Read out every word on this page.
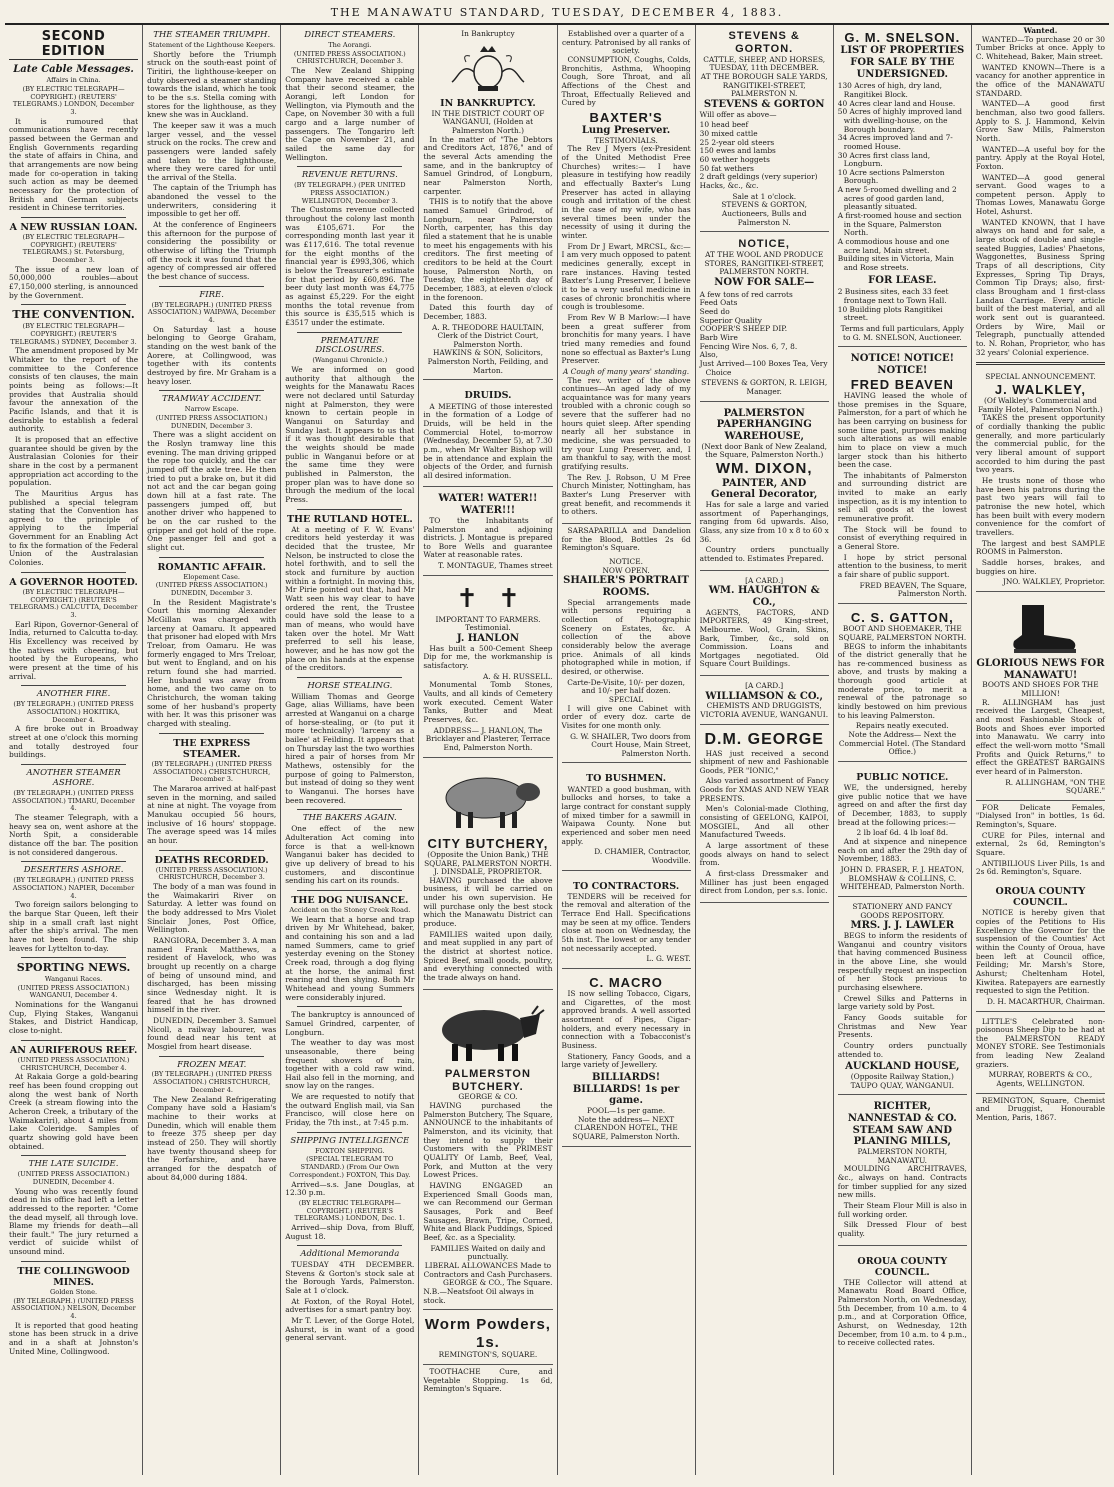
THE MANAWATU STANDARD, TUESDAY, DECEMBER 4, 1883.
SECOND EDITION
Late Cable Messages.
Affairs in China.
(BY ELECTRIC TELEGRAPH—COPYRIGHT.) (REUTERS' TELEGRAMS.) LONDON, December 3.

It is rumoured that communications have recently passed between the German and English Governments regarding the state of affairs in China, and that arrangements are now being made for co-operation in taking such action as may be deemed necessary for the protection of British and German subjects resident in Chinese territories.

A NEW RUSSIAN LOAN.
(BY ELECTRIC TELEGRAPH—COPYRIGHT.) (REUTERS' TELEGRAMS.) St. Petersburg, December 3.

The issue of a new loan of 50,000,000 roubles—about £7,150,000 sterling, is announced by the Government.

THE CONVENTION.
(BY ELECTRIC TELEGRAPH—COPYRIGHT.) (REUTER'S TELEGRAMS.) SYDNEY, December 3.

The amendment proposed by Mr Whitaker to the report of the committee to the Conference consists of ten clauses, the main points being as follows:—It provides that Australia should favour the annexation of the Pacific Islands, and that it is desirable to establish a federal authority.

It is proposed that an effective guarantee should be given by the Australasian Colonies for their share in the cost by a permanent appropriation act according to the population.

The Mauritius Argus has published a special telegram stating that the Convention has agreed to the principle of applying to the Imperial Government for an Enabling Act to fix the formation of the Federal Union of the Australasian Colonies.

A GOVERNOR HOOTED.
(BY ELECTRIC TELEGRAPH—COPYRIGHT.) (REUTER'S TELEGRAMS.) CALCUTTA, December 3.

Earl Ripon, Governor-General of India, returned to Calcutta to-day. His Excellency was received by the natives with cheering, but hooted by the Europeans, who were present at the time of his arrival.

ANOTHER FIRE.
(BY TELEGRAPH.) (UNITED PRESS ASSOCIATION.) HOKITIKA, December 4.

A fire broke out in Broadway street at one o'clock this morning and totally destroyed four buildings.

ANOTHER STEAMER ASHORE.
(BY TELEGRAPH.) (UNITED PRESS ASSOCIATION.) TIMARU, December 4.

The steamer Telegraph, with a heavy sea on, went ashore at the North Spit, a considerable distance off the bar. The position is not considered dangerous.

DESERTERS ASHORE.
(BY TELEGRAPH.) (UNITED PRESS ASSOCIATION.) NAPIER, December 4.

Two foreign sailors belonging to the barque Star Queen, left their ship in a small craft last night after the ship's arrival. The men have not been found. The ship leaves for Lyttelton to-day.

SPORTING NEWS.
Wanganui Races.
(UNITED PRESS ASSOCIATION.) WANGANUI, December 4.

Nominations for the Wanganui Cup, Flying Stakes, Wanganui Stakes, and District Handicap, close to-night.

AN AURIFEROUS REEF.
(UNITED PRESS ASSOCIATION.) CHRISTCHURCH, December 4.

At Rakaia Gorge a gold-bearing reef has been found cropping out along the west bank of North Creek (a stream flowing into the Acheron Creek, a tributary of the Waimakariri), about 4 miles from Lake Coleridge. Samples of quartz showing gold have been obtained.

THE LATE SUICIDE.
(UNITED PRESS ASSOCIATION.) DUNEDIN, December 4.

Young who was recently found dead in his office had left a letter addressed to the reporter. "Come the dead myself, all through love. Blame my friends for death—all their fault." The jury returned a verdict of suicide whilst of unsound mind.

THE COLLINGWOOD MINES.
Golden Stone.
(BY TELEGRAPH.) (UNITED PRESS ASSOCIATION.) NELSON, December 4.

It is reported that good heating stone has been struck in a drive and in a shaft at Johnston's United Mine, Collingwood.

THE STEAMER TRIUMPH.
Statement of the Lighthouse Keepers.

Shortly before the Triumph struck on the south-east point of Tiritiri, the lighthouse-keeper on duty observed a steamer standing towards the island, which he took to be the s.s. Stella coming with stores for the lighthouse, as they knew she was in Auckland.

The keeper saw it was a much larger vessel, and the vessel struck on the rocks. The crew and passengers were landed safely and taken to the lighthouse, where they were cared for until the arrival of the Stella.

The captain of the Triumph has abandoned the vessel to the underwriters, considering it impossible to get her off.

At the conference of Engineers this afternoon for the purpose of considering the possibility or otherwise of lifting the Triumph off the rock it was found that the agency of compressed air offered the best chance of success.

FIRE.
(BY TELEGRAPH.) (UNITED PRESS ASSOCIATION.) WAIPAWA, December 4.

On Saturday last a house belonging to George Graham, standing on the west bank of the Aorere, at Collingwood, was together with its contents destroyed by fire. Mr Graham is a heavy loser.

TRAMWAY ACCIDENT.
Narrow Escape.
(UNITED PRESS ASSOCIATION.) DUNEDIN, December 3.

There was a slight accident on the Roslyn tramway line this evening. The man driving gripped the rope too quickly, and the car jumped off the axle tree. He then tried to put a brake on, but it did not act and the car began going down hill at a fast rate. The passengers jumped off, but another driver who happened to be on the car rushed to the gripper and got hold of the rope. One passenger fell and got a slight cut.

ROMANTIC AFFAIR.
Elopement Case.
(UNITED PRESS ASSOCIATION.) DUNEDIN, December 3.

In the Resident Magistrate's Court this morning Alexander McGillan was charged with larceny at Oamaru. It appeared that prisoner had eloped with Mrs Treloar, from Oamaru. He was formerly engaged to Mrs Treloar, but went to England, and on his return found she had married. Her husband was away from home, and the two came on to Christchurch, the woman taking some of her husband's property with her. It was this prisoner was charged with stealing.

THE EXPRESS STEAMER.
(BY TELEGRAPH.) (UNITED PRESS ASSOCIATION.) CHRISTCHURCH, December 3.

The Mararoa arrived at half-past seven in the morning, and sailed at nine at night. The voyage from Manukau occupied 56 hours, inclusive of 16 hours' stoppage. The average speed was 14 miles an hour.

DEATHS RECORDED.
(UNITED PRESS ASSOCIATION.) CHRISTCHURCH, December 3.

The body of a man was found in the Waimakariri River on Saturday. A letter was found on the body addressed to Mrs Violet Sinclair Jones, Post Office, Wellington.

RANGIORA, December 3. A man named Frank Matthews, a resident of Havelock, who was brought up recently on a charge of being of unsound mind, and discharged, has been missing since Wednesday night. It is feared that he has drowned himself in the river.

DUNEDIN, December 3. Samuel Nicoll, a railway labourer, was found dead near his tent at Mosgiel from heart disease.

FROZEN MEAT.
(BY TELEGRAPH.) (UNITED PRESS ASSOCIATION.) CHRISTCHURCH, December 4.

The New Zealand Refrigerating Company have sold a Hasiam's machine to their works at Dunedin, which will enable them to freeze 375 sheep per day instead of 250. They will shortly have twenty thousand sheep for the Forfarshire, and have arranged for the despatch of about 84,000 during 1884.

DIRECT STEAMERS.
The Aorangi.
(UNITED PRESS ASSOCIATION.) CHRISTCHURCH, December 3.

The New Zealand Shipping Company have received a cable that their second steamer, the Aorangi, left London for Wellington, via Plymouth and the Cape, on November 30 with a full cargo and a large number of passengers. The Tongariro left the Cape on November 21, and sailed the same day for Wellington.

REVENUE RETURNS.
(BY TELEGRAPH.) (PER UNITED PRESS ASSOCIATION.) WELLINGTON, December 3.

The Customs revenue collected throughout the colony last month was £105,671. For the corresponding month last year it was £117,616. The total revenue for the eight months of the financial year is £993,306, which is below the Treasurer's estimate for that period by £60,896. The beer duty last month was £4,775 as against £5,229. For the eight months the total revenue from this source is £35,515 which is £3517 under the estimate.

PREMATURE DISCLOSURES.
(Wanganui Chronicle.)

We are informed on good authority that although the weights for the Manawatu Races were not declared until Saturday night at Palmerston, they were known to certain people in Wanganui on Saturday and Sunday last. It appears to us that if it was thought desirable that the weights should be made public in Wanganui before or at the same time they were published in Palmerston, the proper plan was to have done so through the medium of the local Press.

THE RUTLAND HOTEL.

At a meeting of F. W. Evans' creditors held yesterday it was decided that the trustee, Mr Nelson, be instructed to close the hotel forthwith, and to sell the stock and furniture by auction within a fortnight. In moving this, Mr Pirie pointed out that, had Mr Watt seen his way clear to have ordered the rent, the Trustee could have sold the lease to a man of means, who would have taken over the hotel. Mr Watt preferred to sell his lease, however, and he has now got the place on his hands at the expense of the creditors.

HORSE STEALING.

William Thomas and George Gage, alias Williams, have been arrested at Wanganui on a charge of horse-stealing, or (to put it more technically) 'larceny as a bailee' at Feilding. It appears that on Thursday last the two worthies hired a pair of horses from Mr Mathews, ostensibly for the purpose of going to Palmerston, but instead of doing so they went to Wanganui. The horses have been recovered.

THE BAKERS AGAIN.

One effect of the new Adulteration Act coming into force is that a well-known Wanganui baker has decided to give up delivery of bread to his customers, and discontinue sending his cart on its rounds.

THE DOG NUISANCE.
Accident on the Stoney Creek Road.

We learn that a horse and trap driven by Mr Whitehead, baker, and containing his son and a lad named Summers, came to grief yesterday evening on the Stoney Creek road, through a dog flying at the horse, the animal first rearing and then shying. Both Mr Whitehead and young Summers were considerably injured.

The bankruptcy is announced of Samuel Grindred, carpenter, of Longburn.

The weather to day was most unseasonable, there being frequent showers of rain, together with a cold raw wind. Hail also fell in the morning, and snow lay on the ranges.

We are requested to notify that the outward English mail, via San Francisco, will close here on Friday, the 7th inst., at 7:45 p.m.

SHIPPING INTELLIGENCE
FOXTON SHIPPING.
(SPECIAL TELEGRAM TO STANDARD.) (From Our Own Correspondent.) FOXTON, This Day.

Arrived—s.s. Jane Douglas, at 12.30 p.m.

(BY ELECTRIC TELEGRAPH—COPYRIGHT.) (REUTER'S TELEGRAMS.) LONDON, Dec. 1.

Arrived—ship Dova, from Bluff, August 18.

Additional Memoranda

TUESDAY 4TH DECEMBER. Stevens & Gorton's stock sale at the Borough Yards, Palmerston. Sale at 1 o'clock.

At Foxton, of the Royal Hotel, advertises for a smart pantry boy.

Mr T. Lever, of the Gorge Hotel, Ashurst, is in want of a good general servant.

In Bankruptcy
IN BANKRUPTCY.
IN THE DISTRICT COURT OF WANGANUI, (Holden at Palmerston North.)

In the matter of "The Debtors and Creditors Act, 1876," and of the several Acts amending the same, and in the bankruptcy of Samuel Grindrod, of Longburn, near Palmerston North, carpenter.

THIS is to notify that the above named Samuel Grindrod, of Longburn, near Palmerston North, carpenter, has this day filed a statement that he is unable to meet his engagements with his creditors. The first meeting of creditors to be held at the Court house, Palmerston North, on Tuesday, the eighteenth day of December, 1883, at eleven o'clock in the forenoon.

Dated this fourth day of December, 1883.

A. R. THEODORE HAULTAIN, Clerk of the District Court, Palmerston North.
HAWKINS & SON, Solicitors, Palmerston North, Feilding, and Marton.
DRUIDS.

A MEETING of those interested in the formation of a Lodge of Druids, will be held in the Commercial Hotel, to-morrow (Wednesday, December 5), at 7.30 p.m., when Mr Walter Bishop will be in attendance and explain the objects of the Order, and furnish all desired information.

WATER! WATER!! WATER!!!

TO the Inhabitants of Palmerston and adjoining districts. J. Montague is prepared to Bore Wells and guarantee Water at reasonable rates.

T. MONTAGUE, Thames street
✝ ✝
IMPORTANT TO FARMERS.
Testimonial.
J. HANLON

Has built a 500-Cement Sheep Dip for me, the workmanship is satisfactory.

A. & H. RUSSELL.

Monumental Tomb Stones, Vaults, and all kinds of Cemetery work executed. Cement Water Tanks, Butter and Meat Preserves, &c.

ADDRESS— J. HANLON, The Bricklayer and Plasterer, Terrace End, Palmerston North.
CITY BUTCHERY,
(Opposite the Union Bank,) THE SQUARE, PALMERSTON NORTH.
J. DINSDALE, PROPRIETOR.

HAVING purchased the above business, it will be carried on under his own supervision. He will purchase only the best stock which the Manawatu District can produce.

FAMILIES waited upon daily, and meat supplied in any part of the district at shortest notice. Spiced Beef, small goods, poultry, and everything connected with the trade always on hand.

PALMERSTON BUTCHERY.
GEORGE & CO.

HAVING purchased the Palmerston Butchery, The Square, ANNOUNCE to the inhabitants of Palmerston, and its vicinity, that they intend to supply their Customers with the PRIMEST QUALITY Of Lamb, Beef, Veal, Pork, and Mutton at the very Lowest Prices.

HAVING ENGAGED an Experienced Small Goods man, we can Recommend our German Sausages, Pork and Beef Sausages, Brawn, Tripe, Corned, White and Black Puddings, Spiced Beef, &c. as a Speciality.

FAMILIES Waited on daily and punctually.
LIBERAL ALLOWANCES Made to Contractors and Cash Purchasers.
GEORGE & CO., The Square.
N.B.—Neatsfoot Oil always in stock.
Worm Powders, 1s.
REMINGTON'S, SQUARE.

TOOTHACHE Cure, and Vegetable Stopping. 1s 6d, Remington's Square.

Established over a quarter of a century. Patronised by all ranks of society.

CONSUMPTION, Coughs, Colds, Bronchitis, Asthma, Whooping Cough, Sore Throat, and all Affections of the Chest and Throat, Effectually Relieved and Cured by

BAXTER'S
Lung Preserver.
TESTIMONIALS.

The Rev J Myers (ex-President of the United Methodist Free Churches) writes:— I have pleasure in testifying how readily and effectually Baxter's Lung Preserver has acted in allaying cough and irritation of the chest in the case of my wife, who has several times been under the necessity of using it during the winter.

From Dr J Ewart, MRCSL, &c:—I am very much opposed to patent medicines generally, except in rare instances. Having tested Baxter's Lung Preserver, I believe it to be a very useful medicine in cases of chronic bronchitis where cough is troublesome.

From Rev W B Marlow:—I have been a great sufferer from bronchitis for many years. I have tried many remedies and found none so effectual as Baxter's Lung Preserver.

A Cough of many years' standing.

The rev. writer of the above continues—An aged lady of my acquaintance was for many years troubled with a chronic cough so severe that the sufferer had no hours quiet sleep. After spending nearly all her substance in medicine, she was persuaded to try your Lung Preserver, and, I am thankful to say, with the most gratifying results.

The Rev. J. Robson, U M Free Church Minister, Nottingham, has Baxter's Lung Preserver with great benefit, and recommends it to others.

SARSAPARILLA and Dandelion for the Blood, Bottles 2s 6d Remington's Square.

NOTICE.
NOW OPEN.
SHAILER'S PORTRAIT ROOMS.

Special arrangements made with persons requiring a collection of Photographic Scenery on Estates, &c. A collection of the above considerably below the average price. Animals of all kinds photographed while in motion, if desired, or otherwise.

Carte-De-Visite, 10/- per dozen, and 10/- per half dozen.
SPECIAL

I will give one Cabinet with order of every doz. carte de Visites for one month only.

G. W. SHAILER, Two doors from Court House, Main Street, Palmerston North.
TO BUSHMEN.

WANTED a good bushman, with bullocks and horses, to take a large contract for constant supply of mixed timber for a sawmill in Waipawa County. None but experienced and sober men need apply.

D. CHAMIER, Contractor, Woodville.
TO CONTRACTORS.

TENDERS will be received for the removal and alteration of the Terrace End Hall. Specifications may be seen at my office. Tenders close at noon on Wednesday, the 5th inst. The lowest or any tender not necessarily accepted.

L. G. WEST.
C. MACRO

IS now selling Tobacco, Cigars, and Cigarettes, of the most approved brands. A well assorted assortment of Pipes, Cigar-holders, and every necessary in connection with a Tobacconist's Business.

Stationery, Fancy Goods, and a large variety of Jewellery.

BILLIARDS! BILLIARDS! 1s per game.
POOL—1s per game.
Note the address— NEXT CLARENDON HOTEL, THE SQUARE, Palmerston North.
STEVENS & GORTON.
CATTLE, SHEEP, AND HORSES, TUESDAY, 11th DECEMBER.
AT THE BOROUGH SALE YARDS, RANGITIKEI-STREET, PALMERSTON N.
STEVENS & GORTON
Will offer as above—
10 head beef
30 mixed cattle
25 2-year old steers
150 ewes and lambs
60 wether hoggets
50 fat wethers
2 draft geldings (very superior)
Hacks, &c., &c.
Sale at 1 o'clock.
STEVENS & GORTON, Auctioneers, Bulls and Palmerston N.
NOTICE,
AT THE WOOL AND PRODUCE STORES, RANGITIKEI-STREET, PALMERSTON NORTH.
NOW FOR SALE—
A few tons of red carrots
Feed Oats
Seed do
Superior Quality
COOPER'S SHEEP DIP.
Barb Wire
Fencing Wire Nos. 6, 7, 8.
Also,
Just Arrived—100 Boxes Tea, Very Choice
STEVENS & GORTON, R. LEIGH, Manager.
PALMERSTON PAPERHANGING WAREHOUSE,
(Next door Bank of New Zealand, the Square, Palmerston North.)
WM. DIXON,
PAINTER, AND General Decorator,

Has for sale a large and varied assortment of Paperhangings, ranging from 6d upwards. Also, Glass, any size from 10 x 8 to 60 x 36.

Country orders punctually attended to. Estimates Prepared.

[A CARD.]
WM. HAUGHTON & CO.,

AGENTS, FACTORS, AND IMPORTERS, 49 King-street, Melbourne. Wool, Grain, Skins, Bark, Timber, &c., sold on Commission. Loans and Mortgages negotiated. Old Square Court Buildings.

[A CARD.]
WILLIAMSON & CO.,
CHEMISTS AND DRUGGISTS, VICTORIA AVENUE, WANGANUI.
D.M. GEORGE

HAS just received a second shipment of new and Fashionable Goods, PER "IONIC,"

Also varied assortment of Fancy Goods for XMAS AND NEW YEAR PRESENTS.

Men's Colonial-made Clothing, consisting of GEELONG, KAIPOI, MOSGIEL, And all other Manufactured Tweeds.

A large assortment of these goods always on hand to select from.

A first-class Dressmaker and Milliner has just been engaged direct from London, per s.s. Ionic.

G. M. SNELSON.
LIST OF PROPERTIES FOR SALE BY THE UNDERSIGNED.
130 Acres of high, dry land, Rangitikei Block.
40 Acres clear land and House.
50 Acres of highly improved land with dwelling-house, on the Borough boundary.
34 Acres improved land and 7-roomed House.
30 Acres first class land, Longburn.
10 Acre sections Palmerston Borough.
A new 5-roomed dwelling and 2 acres of good garden land, pleasantly situated.
A first-roomed house and section in the Square, Palmerston North.
A commodious house and one acre land, Main street.
Building sites in Victoria, Main and Rose streets.
FOR LEASE.
2 Business sites, each 33 feet frontage next to Town Hall.
10 Building plots Rangitikei street.
Terms and full particulars, Apply to G. M. SNELSON, Auctioneer.
NOTICE! NOTICE! NOTICE!
FRED BEAVEN

HAVING leased the whole of those premises in the Square, Palmerston, for a part of which he has been carrying on business for some time past, purposes making such alterations as will enable him to place on view a much larger stock than his hitherto been the case.

The inhabitants of Palmerston and surrounding district are invited to make an early inspection, as it is my intention to sell all goods at the lowest remunerative profit.

The Stock will be found to consist of everything required in a General Store.

I hope by strict personal attention to the business, to merit a fair share of public support.

FRED BEAVEN, The Square, Palmerston North.
C. S. GATTON,
BOOT AND SHOEMAKER, THE SQUARE, PALMERSTON NORTH.

BEGS to inform the inhabitants of the district generally that he has re-commenced business as above, and trusts by making a thorough good article at moderate price, to merit a renewal of the patronage so kindly bestowed on him previous to his leaving Palmerston.

Repairs neatly executed.
Note the Address— Next the Commercial Hotel. (The Standard Office.)
PUBLIC NOTICE.

WE, the undersigned, hereby give public notice that we have agreed on and after the first day of December, 1883, to supply bread at the following prices:—

2 lb loaf 6d. 4 lb loaf 8d.

And at sixpence and ninepence each on and after the 29th day of November, 1883.

JOHN D. FRASER, F. J. HEATON, BLOMSHAW & COLLINS, C. WHITEHEAD, Palmerston North.
STATIONERY AND FANCY GOODS REPOSITORY.
MRS. J. J. LAWLER

BEGS to inform the residents of Wanganui and country visitors that having commenced Business in the above Line, she would respectfully request an inspection of her Stock previous to purchasing elsewhere.

Crewel Silks and Patterns in large variety sold by Post.

Fancy Goods suitable for Christmas and New Year Presents.

Country orders punctually attended to.

AUCKLAND HOUSE,
(Opposite Railway Station,) TAUPO QUAY, WANGANUI.
RICHTER, NANNESTAD & CO.
STEAM SAW AND PLANING MILLS,
PALMERSTON NORTH, MANAWATU.

MOULDING ARCHITRAVES, &c., always on hand. Contracts for timber supplied for any sized new mills.

Their Steam Flour Mill is also in full working order.

Silk Dressed Flour of best quality.

OROUA COUNTY COUNCIL.

THE Collector will attend at Manawatu Road Board Office, Palmerston North, on Wednesday, 5th December, from 10 a.m. to 4 p.m., and at Corporation Office, Ashurst, on Wednesday, 12th December, from 10 a.m. to 4 p.m., to receive collected rates.

Wanted.

WANTED—To purchase 20 or 30 Tumber Bricks at once. Apply to C. Whitehead, Baker, Main street.

WANTED KNOWN—There is a vacancy for another apprentice in the office of the MANAWATU STANDARD.

WANTED—A good first benchman, also two good fallers. Apply to S. J. Hammond, Kelvin Grove Saw Mills, Palmerston North.

WANTED—A useful boy for the pantry. Apply at the Royal Hotel, Foxton.

WANTED—A good general servant. Good wages to a competent person. Apply to Thomas Lowes, Manawatu Gorge Hotel, Ashurst.

WANTED KNOWN, that I have always on hand and for sale, a large stock of double and single-seated Buggies, Ladies' Phaetons, Waggonettes, Business Spring Traps of all descriptions, City Expresses, Spring Tip Drays, Common Tip Drays; also, first-class Brougham and 1 first-class Landau Carriage. Every article built of the best material, and all work sent out is guaranteed. Orders by Wire, Mail or Telegraph, punctually attended to. N. Rohan, Proprietor, who has 32 years' Colonial experience.

SPECIAL ANNOUNCEMENT.
J. WALKLEY,
(Of Walkley's Commercial and Family Hotel, Palmerston North.)

TAKES the present opportunity of cordially thanking the public generally, and more particularly the commercial public, for the very liberal amount of support accorded to him during the past two years.

He trusts none of those who have been his patrons during the past two years will fail to patronise the new hotel, which has been built with every modern convenience for the comfort of travellers.

The largest and best SAMPLE ROOMS in Palmerston.

Saddle horses, brakes, and buggies on hire.

JNO. WALKLEY, Proprietor.
GLORIOUS NEWS FOR MANAWATU!
BOOTS AND SHOES FOR THE MILLION!

R. ALLINGHAM has just received the Largest, Cheapest, and most Fashionable Stock of Boots and Shoes ever imported into Manawatu. We carry into effect the well-worn motto "Small Profits and Quick Returns," to effect the GREATEST BARGAINS ever heard of in Palmerston.

R. ALLINGHAM, "ON THE SQUARE."

FOR Delicate Females, "Dialysed Iron" in bottles, 1s 6d. Remington's, Square.

CURE for Piles, internal and external, 2s 6d, Remington's Square.

ANTIBILIOUS Liver Pills, 1s and 2s 6d. Remington's, Square.

OROUA COUNTY COUNCIL.

NOTICE is hereby given that copies of the Petitions to His Excellency the Governor for the suspension of the Counties' Act within the County of Oroua, have been left at Council office, Feilding; Mr. Marsh's Store, Ashurst; Cheltenham Hotel, Kiwitea. Ratepayers are earnestly requested to sign the Petition.

D. H. MACARTHUR, Chairman.

LITTLE'S Celebrated non-poisonous Sheep Dip to be had at the PALMERSTON READY MONEY STORE. See Testimonials from leading New Zealand graziers.

MURRAY, ROBERTS & CO., Agents, WELLINGTON.

REMINGTON, Square, Chemist and Druggist, Honourable Mention, Paris, 1867.
